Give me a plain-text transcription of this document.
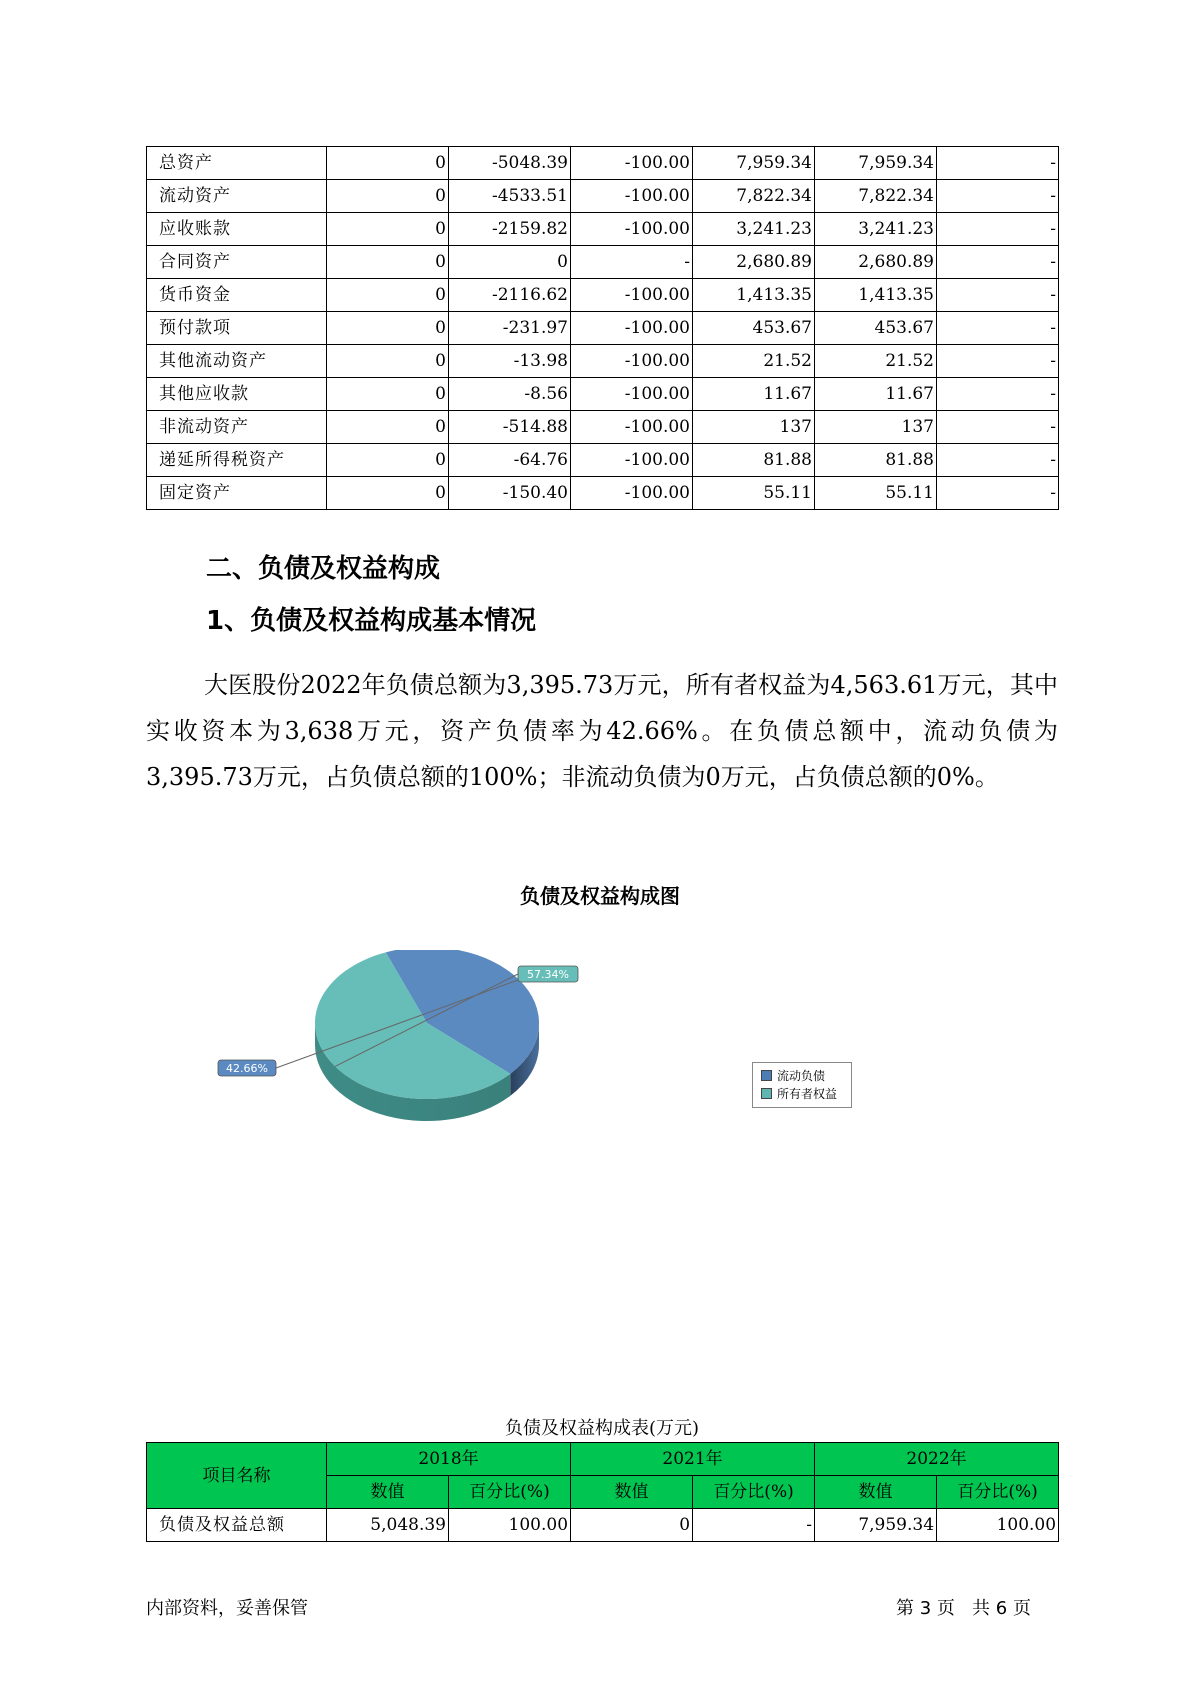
总资产	0	-5048.39	-100.00	7,959.34	7,959.34	-
流动资产	0	-4533.51	-100.00	7,822.34	7,822.34	-
应收账款	0	-2159.82	-100.00	3,241.23	3,241.23	-
合同资产	0	0	-	2,680.89	2,680.89	-
货币资金	0	-2116.62	-100.00	1,413.35	1,413.35	-
预付款项	0	-231.97	-100.00	453.67	453.67	-
其他流动资产	0	-13.98	-100.00	21.52	21.52	-
其他应收款	0	-8.56	-100.00	11.67	11.67	-
非流动资产	0	-514.88	-100.00	137	137	-
递延所得税资产	0	-64.76	-100.00	81.88	81.88	-
固定资产	0	-150.40	-100.00	55.11	55.11	-
二、负债及权益构成
1、负债及权益构成基本情况
大医股份2022年负债总额为3,395.73万元，所有者权益为4,563.61万元，其中实收资本为3,638万元，资产负债率为42.66%。在负债总额中，流动负债为3,395.73万元，占负债总额的100%；非流动负债为0万元，占负债总额的0%。
负债及权益构成图
42.66%
57.34%
流动负债
所有者权益
负债及权益构成表(万元)
项目名称	2018年		2021年		2022年	
	数值	百分比(%)	数值	百分比(%)	数值	百分比(%)
负债及权益总额	5,048.39	100.00	0	-	7,959.34	100.00
内部资料，妥善保管	第 3 页   共 6 页
